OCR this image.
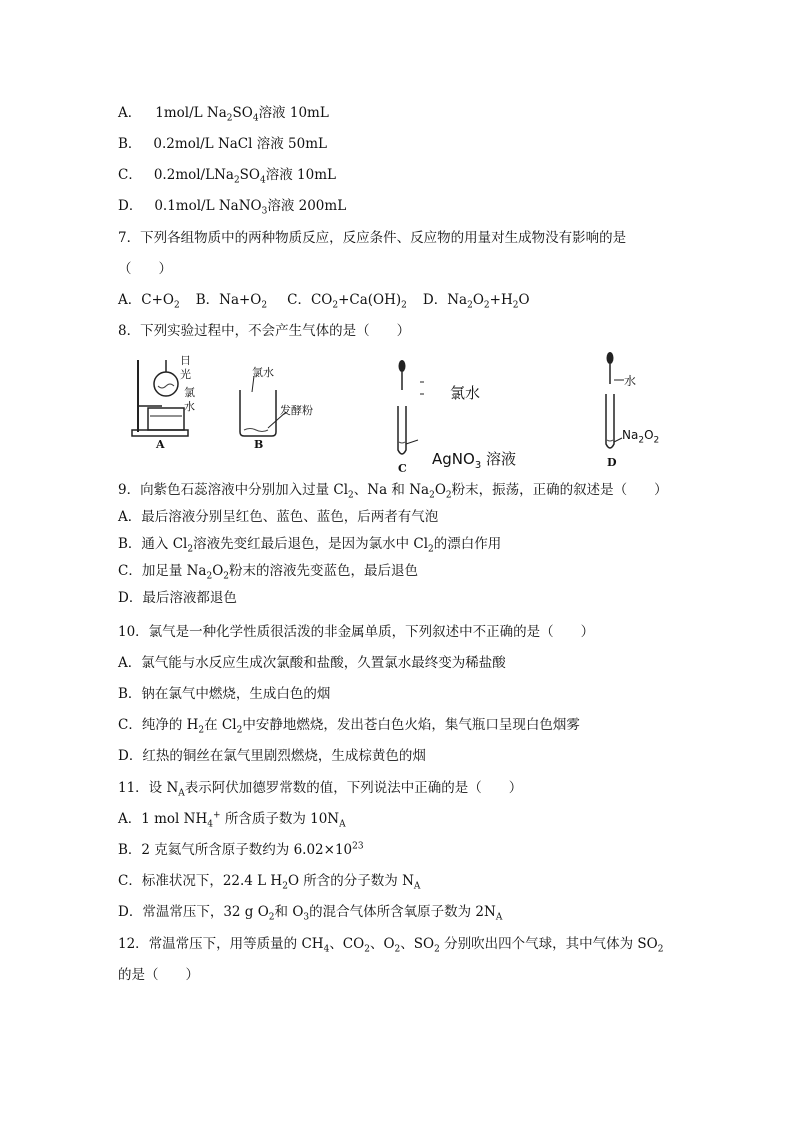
A． 1mol/L $Na_2SO_4$溶液 10mL
B． 0.2mol/L NaCl 溶液 50mL
C． $0.2mol/LNa_2SO_4$溶液 10mL
D． 0.1mol/L NaNO$_3$溶液 200mL
7．下列各组物质中的两种物质反应，反应条件、反应物的用量对生成物没有影响的是
（　　）
A．$C+O_2$ B．$Na+O_2$ C．$CO_2+Ca(OH)_2$ D．$Na_2O_2+H_2O$
8．下列实验过程中，不会产生气体的是（　　）
日
光
氯
水
A
氯水
发酵粉
B
氯水
AgNO$_3$ 溶液
C
水
$Na_2O_2$
D
9．向紫色石蕊溶液中分别加入过量 $Cl_2$、Na 和 $Na_2O_2$粉末，振荡，正确的叙述是（　　）
A．最后溶液分别呈红色、蓝色、蓝色，后两者有气泡
B．通入 $Cl_2$溶液先变红最后退色，是因为氯水中 $Cl_2$的漂白作用
C．加足量 $Na_2O_2$粉末的溶液先变蓝色，最后退色
D．最后溶液都退色
10．氯气是一种化学性质很活泼的非金属单质，下列叙述中不正确的是（　　）
A．氯气能与水反应生成次氯酸和盐酸，久置氯水最终变为稀盐酸
B．钠在氯气中燃烧，生成白色的烟
C．纯净的 $H_2$在 $Cl_2$中安静地燃烧，发出苍白色火焰，集气瓶口呈现白色烟雾
D．红热的铜丝在氯气里剧烈燃烧，生成棕黄色的烟
11．设 $N_A$表示阿伏加德罗常数的值，下列说法中正确的是（　　）
A．1 mol $NH_4^+$ 所含质子数为 $10N_A$
B．2 克氦气所含原子数约为 $6.02\times 10^{23}$
C．标准状况下，22.4 L $H_2O$ 所含的分子数为 $N_A$
D．常温常压下，32 g $O_2$和 $O_3$的混合气体所含氧原子数为 $2N_A$
12．常温常压下，用等质量的 $CH_4$、$CO_2$、$O_2$、$SO_2$ 分别吹出四个气球，其中气体为 $SO_2$
的是（　　）
